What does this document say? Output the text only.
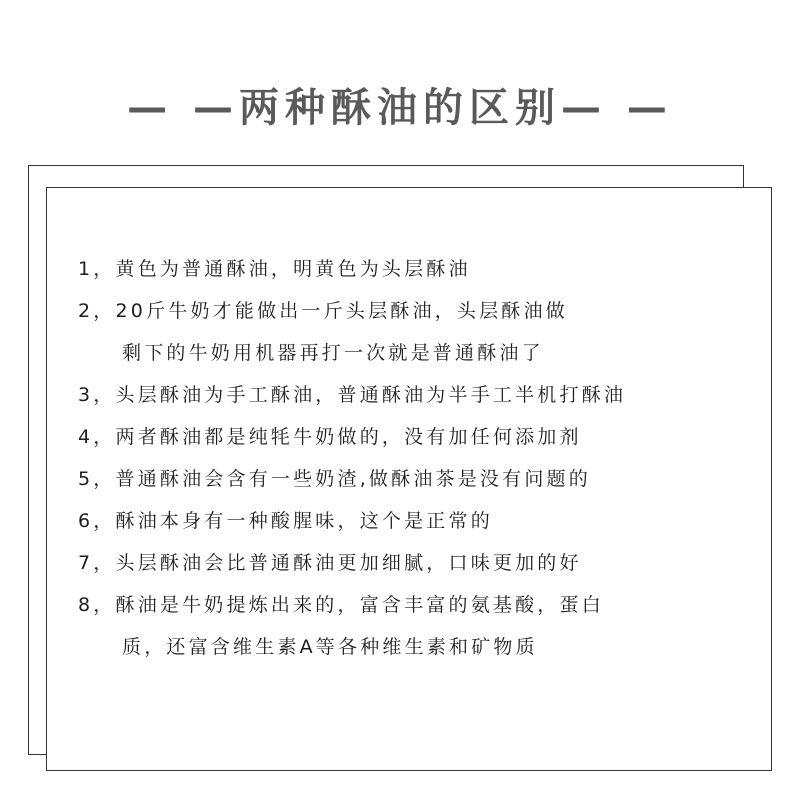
— —两种酥油的区别— —
1，黄色为普通酥油，明黄色为头层酥油
2，20斤牛奶才能做出一斤头层酥油，头层酥油做
剩下的牛奶用机器再打一次就是普通酥油了
3，头层酥油为手工酥油，普通酥油为半手工半机打酥油
4，两者酥油都是纯牦牛奶做的，没有加任何添加剂
5，普通酥油会含有一些奶渣,做酥油茶是没有问题的
6，酥油本身有一种酸腥味，这个是正常的
7，头层酥油会比普通酥油更加细腻，口味更加的好
8，酥油是牛奶提炼出来的，富含丰富的氨基酸，蛋白
质，还富含维生素A等各种维生素和矿物质
